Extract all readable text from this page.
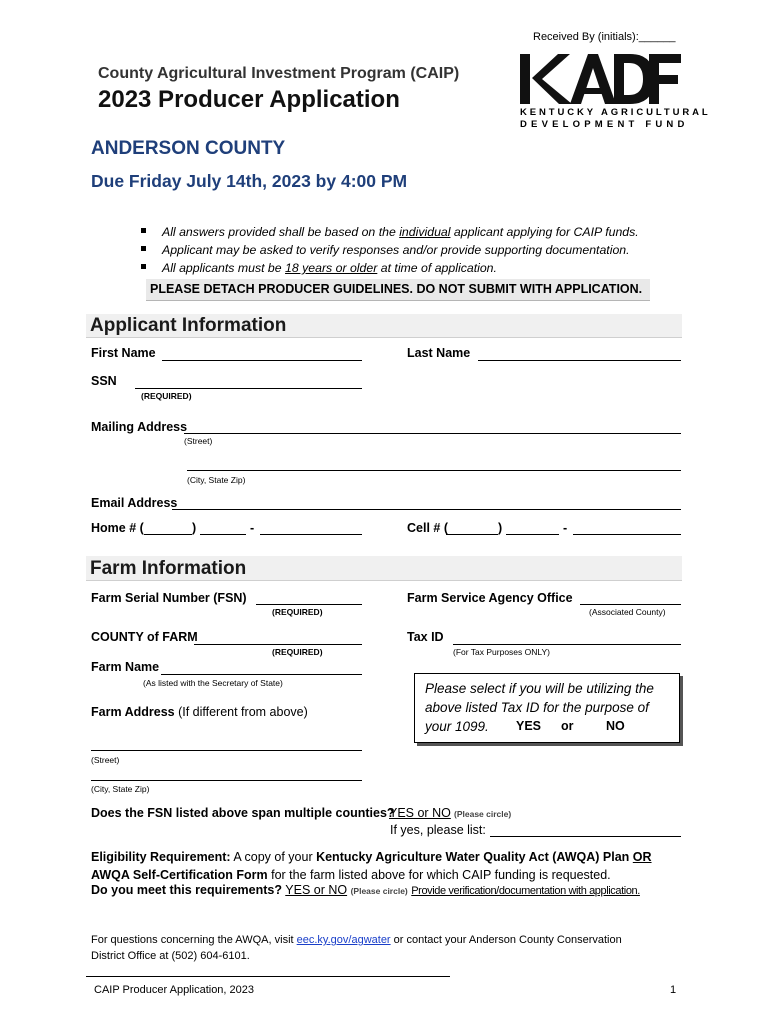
Received By (initials):______
County Agricultural Investment Program (CAIP)
2023 Producer Application	KENTUCKY AGRICULTURAL
DEVELOPMENT FUND
ANDERSON COUNTY
Due Friday July 14th, 2023 by 4:00 PM
All answers provided shall be based on the individual applicant applying for CAIP funds.
Applicant may be asked to verify responses and/or provide supporting documentation.
All applicants must be 18 years or older at time of application.
PLEASE DETACH PRODUCER GUIDELINES. DO NOT SUBMIT WITH APPLICATION.
Applicant Information
First Name	Last Name
SSN
(REQUIRED)
Mailing Address
(Street)
(City, State Zip)
Email Address
Home # (	)	-	Cell # (	)	-
Farm Information
Farm Serial Number (FSN)
(REQUIRED)
Farm Service Agency Office
(Associated County)
COUNTY of FARM
(REQUIRED)
Tax ID
(For Tax Purposes ONLY)
Farm Name
(As listed with the Secretary of State)
Farm Address (If different from above)
(Street)
(City, State Zip)
Please select if you will be utilizing the above listed Tax ID for the purpose of your 1099.	YES or	NO
Does the FSN listed above span multiple counties?
YES or NO (Please circle)
If yes, please list:
Eligibility Requirement: A copy of your Kentucky Agriculture Water Quality Act (AWQA) Plan OR
AWQA Self-Certification Form for the farm listed above for which CAIP funding is requested.
Do you meet this requirements? YES or NO (Please circle) Provide verification/documentation with application.
For questions concerning the AWQA, visit eec.ky.gov/agwater or contact your Anderson County Conservation
District Office at (502) 604-6101.
CAIP Producer Application, 2023	1
